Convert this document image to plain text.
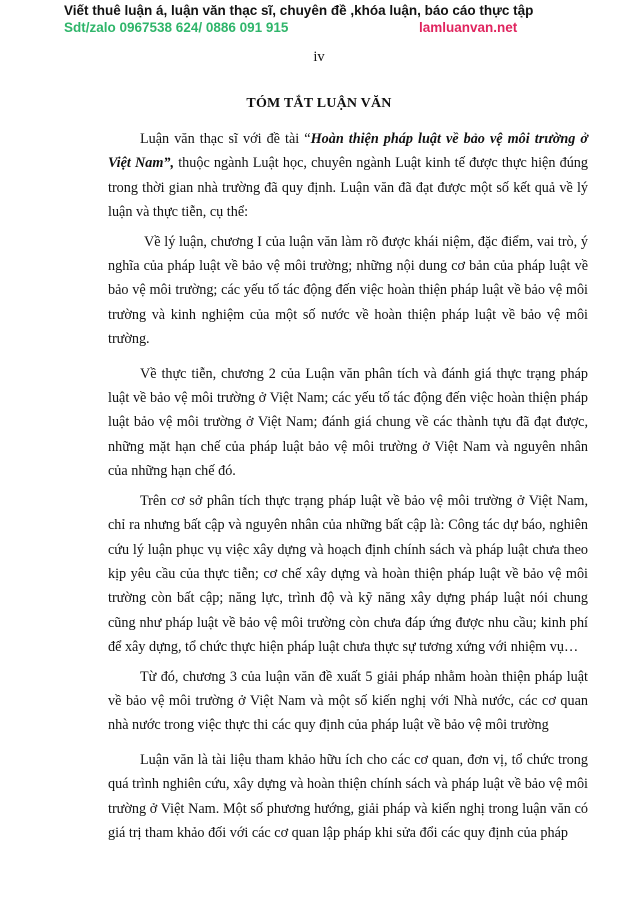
Viết thuê luận á, luận văn thạc sĩ, chuyên đề ,khóa luận, báo cáo thực tập
Sdt/zalo 0967538 624/ 0886 091 915	lamluanvan.net
iv
TÓM TẮT LUẬN VĂN

Luận văn thạc sĩ với đề tài “Hoàn thiện pháp luật về bảo vệ môi trường ở Việt Nam”, thuộc ngành Luật học, chuyên ngành Luật kinh tế được thực hiện đúng trong thời gian nhà trường đã quy định. Luận văn đã đạt được một số kết quả về lý luận và thực tiễn, cụ thể:

Về lý luận, chương I của luận văn làm rõ được khái niệm, đặc điểm, vai trò, ý nghĩa của pháp luật về bảo vệ môi trường; những nội dung cơ bản của pháp luật về bảo vệ môi trường; các yếu tố tác động đến việc hoàn thiện pháp luật về bảo vệ môi trường và kinh nghiệm của một số nước về hoàn thiện pháp luật về bảo vệ môi trường.

Về thực tiễn, chương 2 của Luận văn phân tích và đánh giá thực trạng pháp luật về bảo vệ môi trường ở Việt Nam; các yếu tố tác động đến việc hoàn thiện pháp luật bảo vệ môi trường ở Việt Nam; đánh giá chung về các thành tựu đã đạt được, những mặt hạn chế của pháp luật bảo vệ môi trường ở Việt Nam và nguyên nhân của những hạn chế đó.

Trên cơ sở phân tích thực trạng pháp luật về bảo vệ môi trường ở Việt Nam, chỉ ra nhưng bất cập và nguyên nhân của những bất cập là: Công tác dự báo, nghiên cứu lý luận phục vụ việc xây dựng và hoạch định chính sách và pháp luật chưa theo kịp yêu cầu của thực tiễn; cơ chế xây dựng và hoàn thiện pháp luật về bảo vệ môi trường còn bất cập; năng lực, trình độ và kỹ năng xây dựng pháp luật nói chung cũng như pháp luật về bảo vệ môi trường còn chưa đáp ứng được nhu cầu; kinh phí để xây dựng, tổ chức thực hiện pháp luật chưa thực sự tương xứng với nhiệm vụ…

Từ đó, chương 3 của luận văn đề xuất 5 giải pháp nhằm hoàn thiện pháp luật về bảo vệ môi trường ở Việt Nam và một số kiến nghị với Nhà nước, các cơ quan nhà nước trong việc thực thi các quy định của pháp luật về bảo vệ môi trường

Luận văn là tài liệu tham khảo hữu ích cho các cơ quan, đơn vị, tổ chức trong quá trình nghiên cứu, xây dựng và hoàn thiện chính sách và pháp luật về bảo vệ môi trường ở Việt Nam. Một số phương hướng, giải pháp và kiến nghị trong luận văn có giá trị tham khảo đối với các cơ quan lập pháp khi sửa đổi các quy định của pháp
